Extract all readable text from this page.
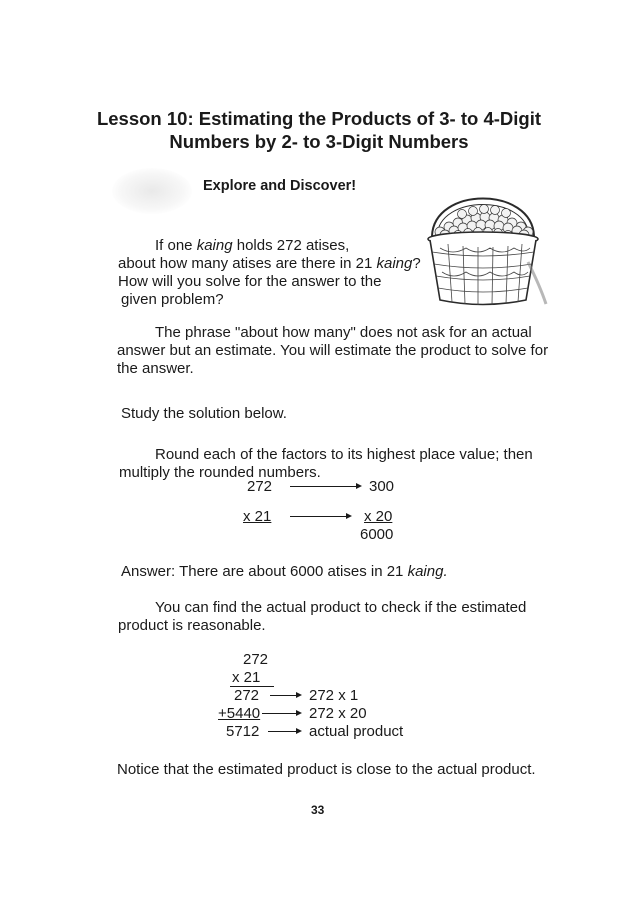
Lesson 10: Estimating the Products of 3- to 4-Digit
Numbers by 2- to 3-Digit Numbers
Explore and Discover!
If one kaing holds 272 atises,
about how many atises are there in 21 kaing?
How will you solve for the answer to the
given problem?
The phrase "about how many" does not ask for an actual
answer but an estimate. You will estimate the product to solve for
the answer.
Study the solution below.
Round each of the factors to its highest place value; then
multiply the rounded numbers.
272	300
x 21	x 20
6000
Answer: There are about 6000 atises in 21 kaing.
You can find the actual product to check if the estimated
product is reasonable.
272
x 21
272	272 x 1
+5440	272 x 20
5712	actual product
Notice that the estimated product is close to the actual product.
33
